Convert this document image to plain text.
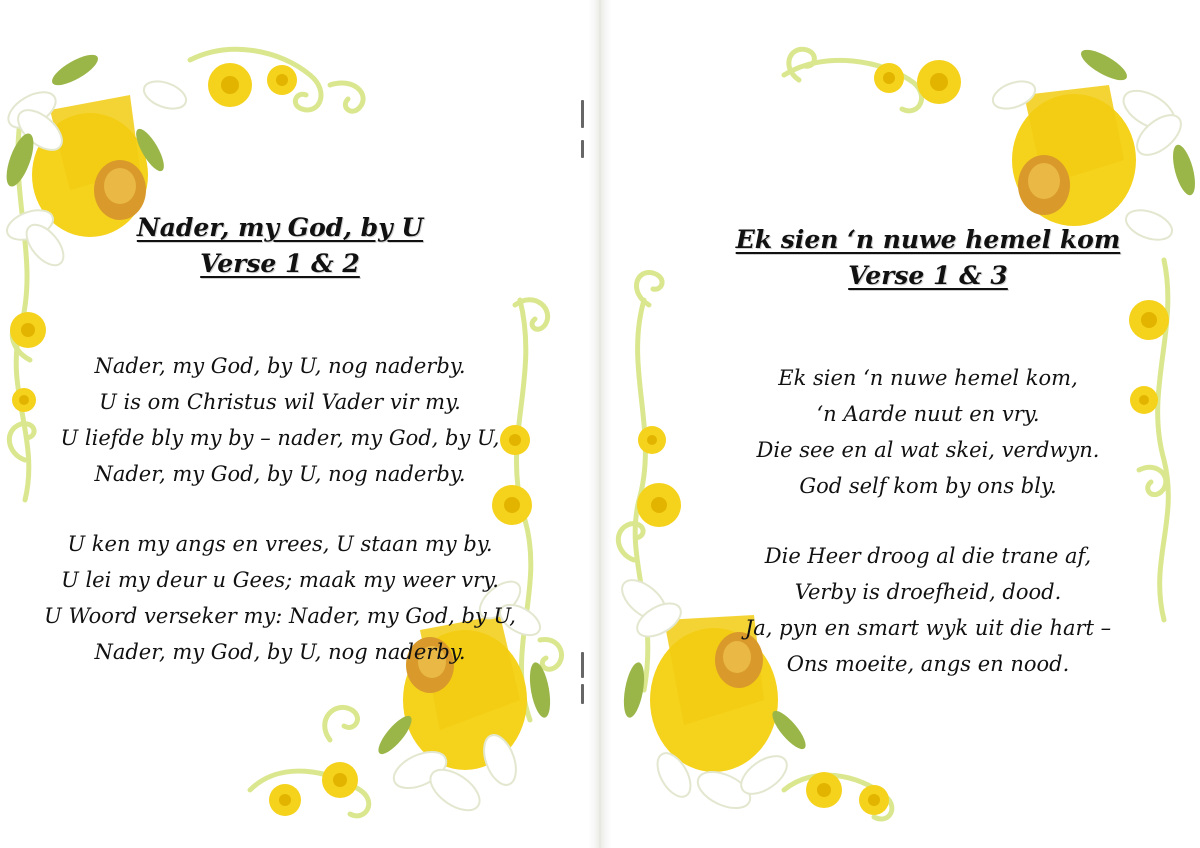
Nader, my God, by U

Verse 1 & 2

Nader, my God, by U, nog naderby.

U is om Christus wil Vader vir my.

U liefde bly my by – nader, my God, by U,

Nader, my God, by U, nog naderby.

U ken my angs en vrees, U staan my by.

U lei my deur u Gees; maak my weer vry.

U Woord verseker my: Nader, my God, by U,

Nader, my God, by U, nog naderby.

Ek sien ‘n nuwe hemel kom

Verse 1 & 3

Ek sien ‘n nuwe hemel kom,

‘n Aarde nuut en vry.

Die see en al wat skei, verdwyn.

God self kom by ons bly.

Die Heer droog al die trane af,

Verby is droefheid, dood.

Ja, pyn en smart wyk uit die hart –

Ons moeite, angs en nood.
